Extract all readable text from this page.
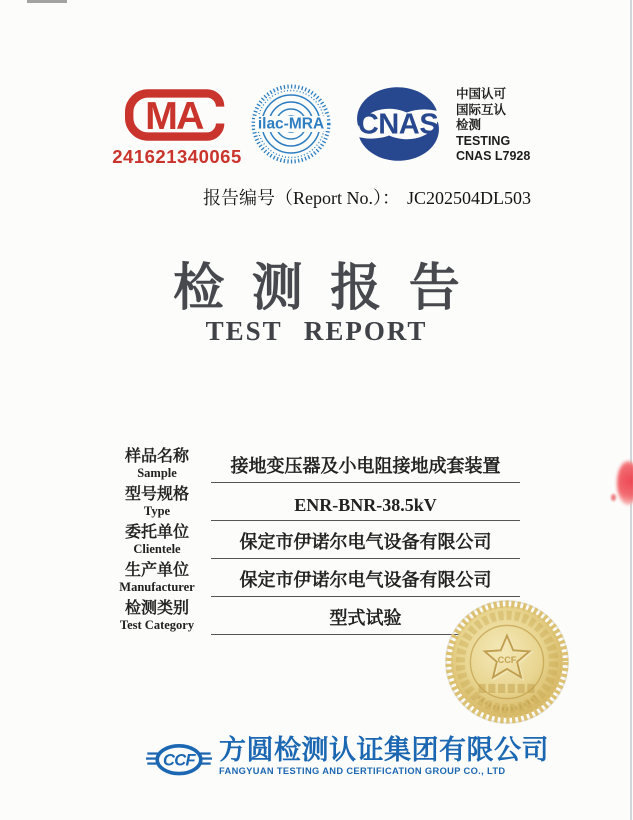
MA
241621340065
ilac-MRA CNAS
中国认可
国际互认
检测
TESTING
CNAS L7928
报告编号（Report No.）： JC202504DL503
检测报告
TEST REPORT
样品名称
Sample	接地变压器及小电阻接地成套装置
型号规格
Type	ENR-BNR-38.5kV
委托单位
Clientele	保定市伊诺尔电气设备有限公司
生产单位
Manufacturer	保定市伊诺尔电气设备有限公司
检测类别
Test Category	型式试验
CCF
CCF 方圆检测认证集团有限公司
FANGYUAN TESTING AND CERTIFICATION GROUP CO., LTD
